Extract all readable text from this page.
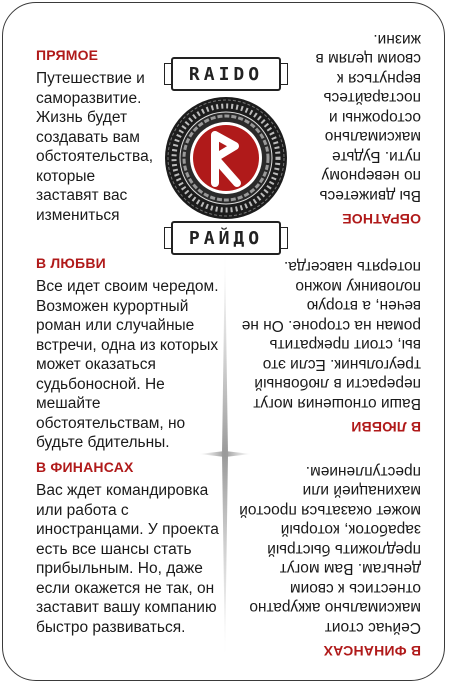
ПРЯМОЕ

Путешествие и саморазвитие. Жизнь будет создавать вам обстоятельства, которые заставят вас измениться

RAIDO
РАЙДО
ОБРАТНОЕ

Вы движетесь по неверному пути. Будьте максимально осторожны и постарайтесь вернуться к своим целям в жизни.

В ЛЮБВИ

Все идет своим чередом. Возможен курортный роман или случайные встречи, одна из которых может оказаться судьбоносной. Не мешайте обстоятельствам, но будьте бдительны.

В ЛЮБВИ

Ваши отношения могут перерасти в любовный треугольник. Если это вы, стоит прекратить роман на стороне. Он не вечен, а вторую половинку можно потерять навсегда.

В ФИНАНСАХ

Вас ждет командировка или работа с иностранцами. У проекта есть все шансы стать прибыльным. Но, даже если окажется не так, он заставит вашу компанию быстро развиваться.

В ФИНАНСАХ

Сейчас стоит максимально аккуратно отнестись к своим деньгам. Вам могут предложить быстрый заработок, который может оказаться простой махинацией или преступлением.
